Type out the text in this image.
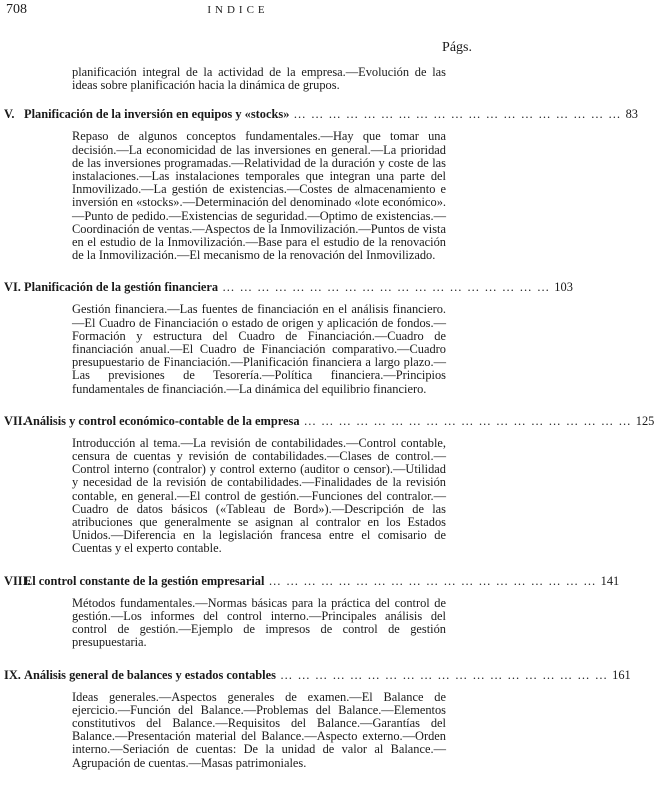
708	INDICE
Págs.

planificación integral de la actividad de la empresa.—Evolución de las ideas sobre planificación hacia la dinámica de grupos.

V. Planificación de la inversión en equipos y «stocks» … … … … … … … … … … … … … … … … … … … 83

Repaso de algunos conceptos fundamentales.—Hay que tomar una decisión.—La economicidad de las inversiones en general.—La prioridad de las inversiones programadas.—Relatividad de la duración y coste de las instalaciones.—Las instalaciones temporales que integran una parte del Inmovilizado.—La gestión de existencias.—Costes de almacenamiento e inversión en «stocks».—Determinación del denominado «lote económico».—Punto de pedido.—Existencias de seguridad.—Optimo de existencias.—Coordinación de ventas.—Aspectos de la Inmovilización.—Puntos de vista en el estudio de la Inmovilización.—Base para el estudio de la renovación de la Inmovilización.—El mecanismo de la renovación del Inmovilizado.

VI. Planificación de la gestión financiera … … … … … … … … … … … … … … … … … … … 103

Gestión financiera.—Las fuentes de financiación en el análisis financiero.—El Cuadro de Financiación o estado de origen y aplicación de fondos.—Formación y estructura del Cuadro de Financiación.—Cuadro de financiación anual.—El Cuadro de Financiación comparativo.—Cuadro presupuestario de Financiación.—Planificación financiera a largo plazo.—Las previsiones de Tesorería.—Política financiera.—Principios fundamentales de financiación.—La dinámica del equilibrio financiero.

VII.
Análisis y control económico-contable de la empresa … … … … … … … … … … … … … … … … … … … 125

Introducción al tema.—La revisión de contabilidades.—Control contable, censura de cuentas y revisión de contabilidades.—Clases de control.—Control interno (contralor) y control externo (auditor o censor).—Utilidad y necesidad de la revisión de contabilidades.—Finalidades de la revisión contable, en general.—El control de gestión.—Funciones del contralor.—Cuadro de datos básicos («Tableau de Bord»).—Descripción de las atribuciones que generalmente se asignan al contralor en los Estados Unidos.—Diferencia en la legislación francesa entre el comisario de Cuentas y el experto contable.

VIII.
El control constante de la gestión empresarial … … … … … … … … … … … … … … … … … … … 141

Métodos fundamentales.—Normas básicas para la práctica del control de gestión.—Los informes del control interno.—Principales análisis del control de gestión.—Ejemplo de impresos de control de gestión presupuestaria.

IX. Análisis general de balances y estados contables … … … … … … … … … … … … … … … … … … … 161

Ideas generales.—Aspectos generales de examen.—El Balance de ejercicio.—Función del Balance.—Problemas del Balance.—Elementos constitutivos del Balance.—Requisitos del Balance.—Garantías del Balance.—Presentación material del Balance.—Aspecto externo.—Orden interno.—Seriación de cuentas: De la unidad de valor al Balance.—Agrupación de cuentas.—Masas patrimoniales.
